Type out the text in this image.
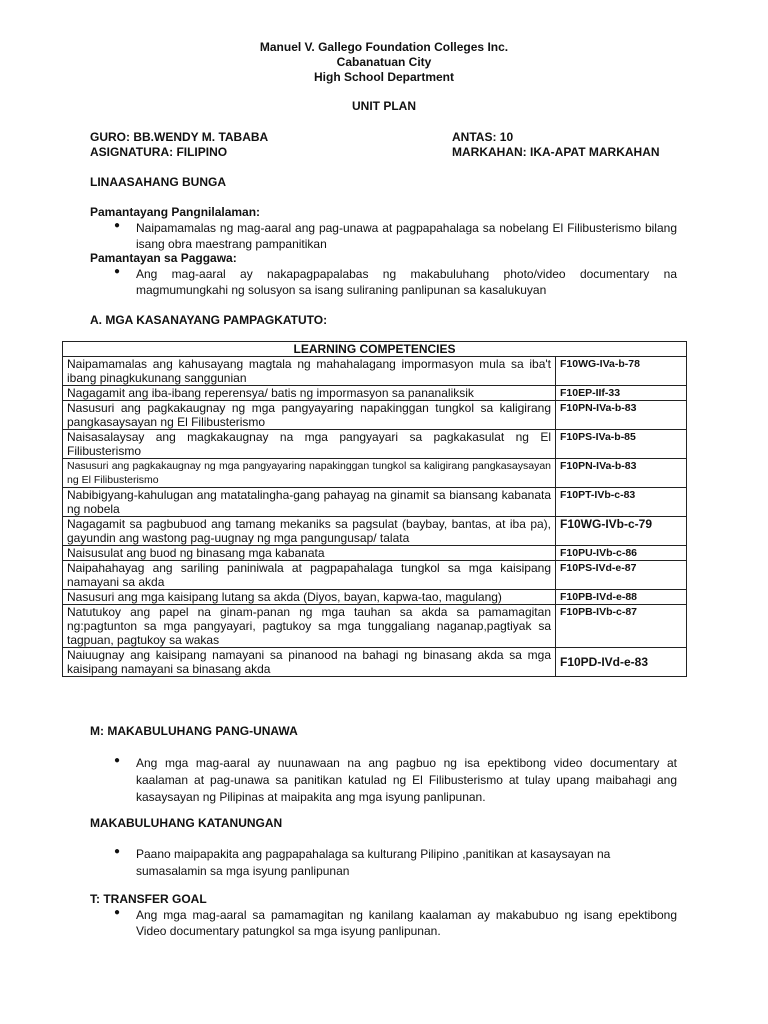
Manuel V. Gallego Foundation Colleges Inc.
Cabanatuan City
High School Department
UNIT PLAN
GURO: BB.WENDY M. TABABA	ANTAS: 10
ASIGNATURA: FILIPINO	MARKAHAN: IKA-APAT MARKAHAN
LINAASAHANG BUNGA
Pamantayang Pangnilalaman:
●	Naipamamalas ng mag-aaral ang pag-unawa at pagpapahalaga sa nobelang El Filibusterismo bilang isang obra maestrang pampanitikan
Pamantayan sa Paggawa:
●	Ang mag-aaral ay nakapagpapalabas ng makabuluhang photo/video documentary na magmumungkahi ng solusyon sa isang suliraning panlipunan sa kasalukuyan
A. MGA KASANAYANG PAMPAGKATUTO:
LEARNING COMPETENCIES	
Naipamamalas ang kahusayang magtala ng mahahalagang impormasyon mula sa iba't ibang pinagkukunang sanggunian	F10WG-IVa-b-78
Nagagamit ang iba-ibang reperensya/ batis ng impormasyon sa pananaliksik	F10EP-IIf-33
Nasusuri ang pagkakaugnay ng mga pangyayaring napakinggan tungkol sa kaligirang pangkasaysayan ng El Filibusterismo	F10PN-IVa-b-83
Naisasalaysay ang magkakaugnay na mga pangyayari sa pagkakasulat ng El Filibusterismo	F10PS-IVa-b-85
Nasusuri ang pagkakaugnay ng mga pangyayaring napakinggan tungkol sa kaligirang pangkasaysayan ng El Filibusterismo	F10PN-IVa-b-83
Nabibigyang-kahulugan ang matatalingha-gang pahayag na ginamit sa biansang kabanata ng nobela	F10PT-IVb-c-83
Nagagamit sa pagbubuod ang tamang mekaniks sa pagsulat (baybay, bantas, at iba pa), gayundin ang wastong pag-uugnay ng mga pangungusap/ talata	F10WG-IVb-c-79
Naisusulat ang buod ng binasang mga kabanata	F10PU-IVb-c-86
Naipahahayag ang sariling paniniwala at pagpapahalaga tungkol sa mga kaisipang namayani sa akda	F10PS-IVd-e-87
Nasusuri ang mga kaisipang lutang sa akda (Diyos, bayan, kapwa-tao, magulang)	F10PB-IVd-e-88
Natutukoy ang papel na ginam-panan ng mga tauhan sa akda sa pamamagitan ng:pagtunton sa mga pangyayari, pagtukoy sa mga tunggaliang naganap,pagtiyak sa tagpuan, pagtukoy sa wakas	F10PB-IVb-c-87
Naiuugnay ang kaisipang namayani sa pinanood na bahagi ng binasang akda sa mga kaisipang namayani sa binasang akda	F10PD-IVd-e-83
M: MAKABULUHANG PANG-UNAWA
●	Ang mga mag-aaral ay nuunawaan na ang pagbuo ng isa epektibong video documentary at kaalaman at pag-unawa sa panitikan katulad ng El Filibusterismo at tulay upang maibahagi ang kasaysayan ng Pilipinas at maipakita ang mga isyung panlipunan.
MAKABULUHANG KATANUNGAN
●	Paano maipapakita ang pagpapahalaga sa kulturang Pilipino ,panitikan at kasaysayan na sumasalamin sa mga isyung panlipunan
T: TRANSFER GOAL
●	Ang mga mag-aaral sa pamamagitan ng kanilang kaalaman ay makabubuo ng isang epektibong Video documentary patungkol sa mga isyung panlipunan.
